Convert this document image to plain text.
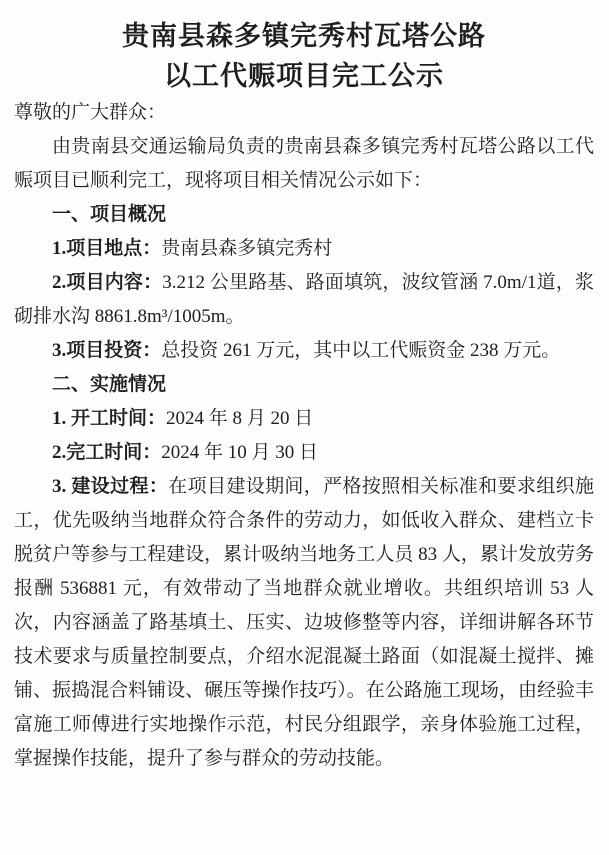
贵南县森多镇完秀村瓦塔公路
以工代赈项目完工公示

尊敬的广大群众：

由贵南县交通运输局负责的贵南县森多镇完秀村瓦塔公路以工代赈项目已顺利完工，现将项目相关情况公示如下：

一、项目概况

1.项目地点：贵南县森多镇完秀村

2.项目内容：3.212 公里路基、路面填筑，波纹管涵 7.0m/1道，浆砌排水沟 8861.8m³/1005m。

3.项目投资：总投资 261 万元，其中以工代赈资金 238 万元。

二、实施情况

1. 开工时间：2024 年 8 月 20 日

2.完工时间：2024 年 10 月 30 日

3. 建设过程：在项目建设期间，严格按照相关标准和要求组织施工，优先吸纳当地群众符合条件的劳动力，如低收入群众、建档立卡脱贫户等参与工程建设，累计吸纳当地务工人员 83 人，累计发放劳务报酬 536881 元，有效带动了当地群众就业增收。共组织培训 53 人次，内容涵盖了路基填土、压实、边坡修整等内容，详细讲解各环节技术要求与质量控制要点，介绍水泥混凝土路面（如混凝土搅拌、摊铺、振捣混合料铺设、碾压等操作技巧）。在公路施工现场，由经验丰富施工师傅进行实地操作示范，村民分组跟学，亲身体验施工过程，掌握操作技能，提升了参与群众的劳动技能。
